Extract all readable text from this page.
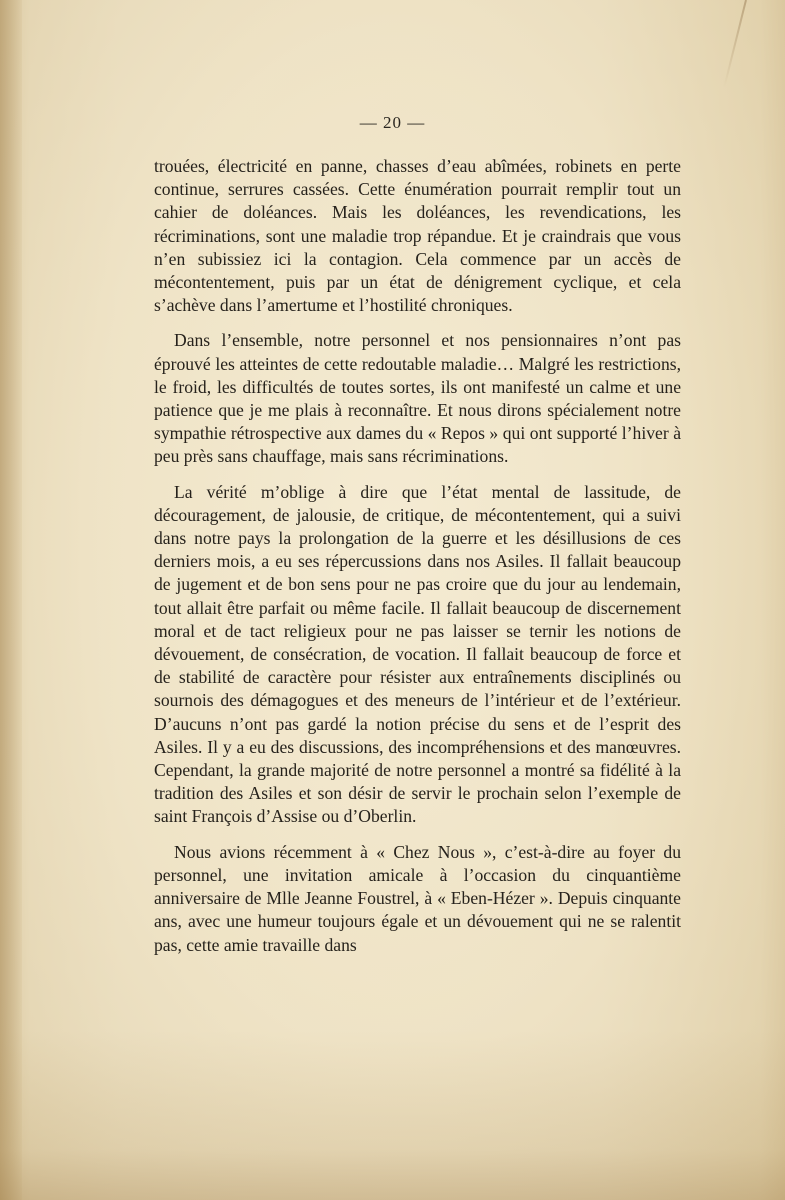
— 20 —

trouées, électricité en panne, chasses d’eau abîmées, robinets en perte continue, serrures cassées. Cette énumération pourrait remplir tout un cahier de doléances. Mais les doléances, les revendications, les récriminations, sont une maladie trop répandue. Et je craindrais que vous n’en subissiez ici la contagion. Cela commence par un accès de mécontentement, puis par un état de dénigrement cyclique, et cela s’achève dans l’amertume et l’hostilité chroniques.

Dans l’ensemble, notre personnel et nos pensionnaires n’ont pas éprouvé les atteintes de cette redoutable maladie… Malgré les restrictions, le froid, les difficultés de toutes sortes, ils ont manifesté un calme et une patience que je me plais à reconnaître. Et nous dirons spécialement notre sympathie rétrospective aux dames du « Repos » qui ont supporté l’hiver à peu près sans chauffage, mais sans récriminations.

La vérité m’oblige à dire que l’état mental de lassitude, de découragement, de jalousie, de critique, de mécontentement, qui a suivi dans notre pays la prolongation de la guerre et les désillusions de ces derniers mois, a eu ses répercussions dans nos Asiles. Il fallait beaucoup de jugement et de bon sens pour ne pas croire que du jour au lendemain, tout allait être parfait ou même facile. Il fallait beaucoup de discernement moral et de tact religieux pour ne pas laisser se ternir les notions de dévouement, de consécration, de vocation. Il fallait beaucoup de force et de stabilité de caractère pour résister aux entraînements disciplinés ou sournois des démagogues et des meneurs de l’intérieur et de l’extérieur. D’aucuns n’ont pas gardé la notion précise du sens et de l’esprit des Asiles. Il y a eu des discussions, des incompréhensions et des manœuvres. Cependant, la grande majorité de notre personnel a montré sa fidélité à la tradition des Asiles et son désir de servir le prochain selon l’exemple de saint François d’Assise ou d’Oberlin.

Nous avions récemment à « Chez Nous », c’est-à-dire au foyer du personnel, une invitation amicale à l’occasion du cinquantième anniversaire de Mlle Jeanne Foustrel, à « Eben-Hézer ». Depuis cinquante ans, avec une humeur toujours égale et un dévouement qui ne se ralentit pas, cette amie travaille dans
